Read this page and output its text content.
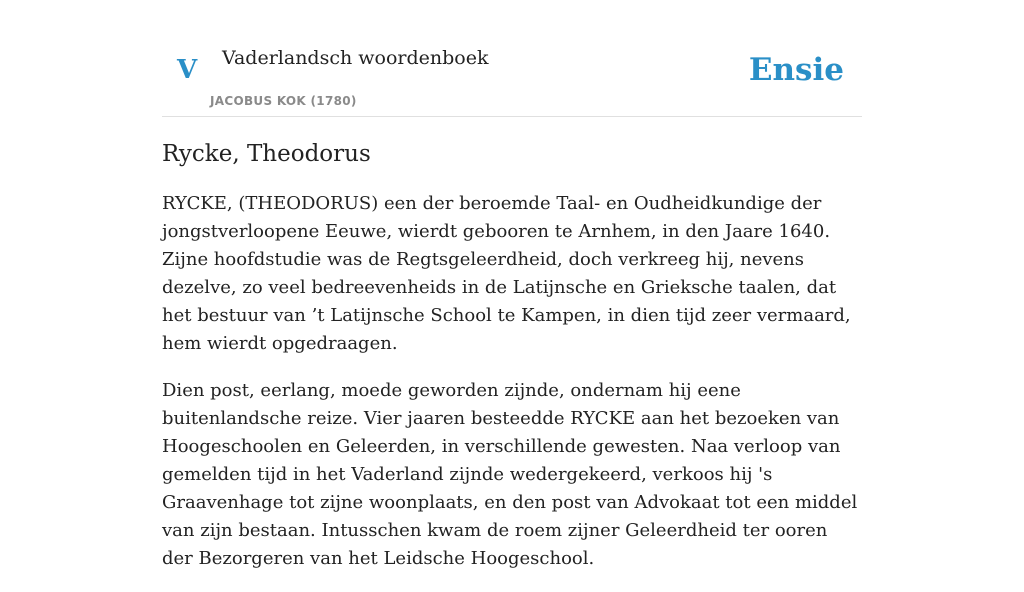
V Vaderlandsch woordenboek
JACOBUS KOK (1780)
Ensie
Rycke, Theodorus

RYCKE, (THEODORUS) een der beroemde Taal- en Oudheidkundige der jongstverloopene Eeuwe, wierdt gebooren te Arnhem, in den Jaare 1640. Zijne hoofdstudie was de Regtsgeleerdheid, doch verkreeg hij, nevens dezelve, zo veel bedreevenheids in de Latijnsche en Grieksche taalen, dat het bestuur van ’t Latijnsche School te Kampen, in dien tijd zeer vermaard, hem wierdt opgedraagen.

Dien post, eerlang, moede geworden zijnde, ondernam hij eene buitenlandsche reize. Vier jaaren besteedde RYCKE aan het bezoeken van Hoogeschoolen en Geleerden, in verschillende gewesten. Naa verloop van gemelden tijd in het Vaderland zijnde wedergekeerd, verkoos hij 's Graavenhage tot zijne woonplaats, en den post van Advokaat tot een middel van zijn bestaan. Intusschen kwam de roem zijner Geleerdheid ter ooren der Bezorgeren van het Leidsche Hoogeschool.
